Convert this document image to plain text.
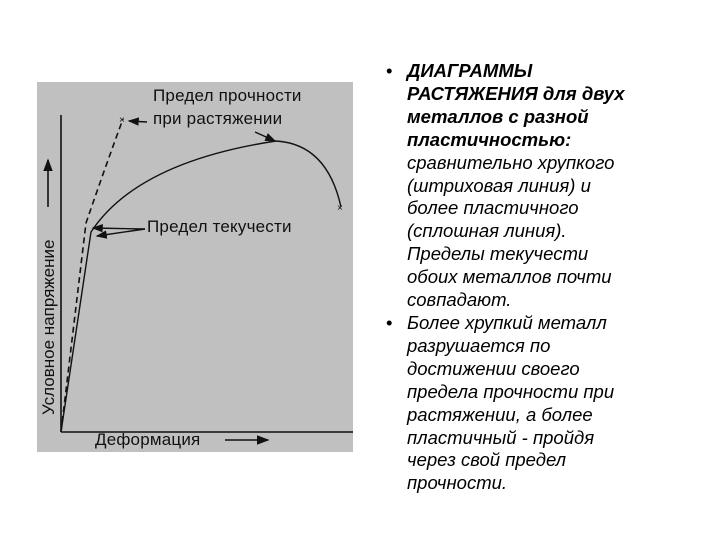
×
×
Предел прочности
при растяжении
Предел текучести
Деформация
Условное напряжение
• ДИАГРАММЫ
РАСТЯЖЕНИЯ для двух
металлов с разной
пластичностью:
сравнительно хрупкого
(штриховая линия) и
более пластичного
(сплошная линия).
Пределы текучести
обоих металлов почти
совпадают.
• Более хрупкий металл
разрушается по
достижении своего
предела прочности при
растяжении, а более
пластичный - пройдя
через свой предел
прочности.
